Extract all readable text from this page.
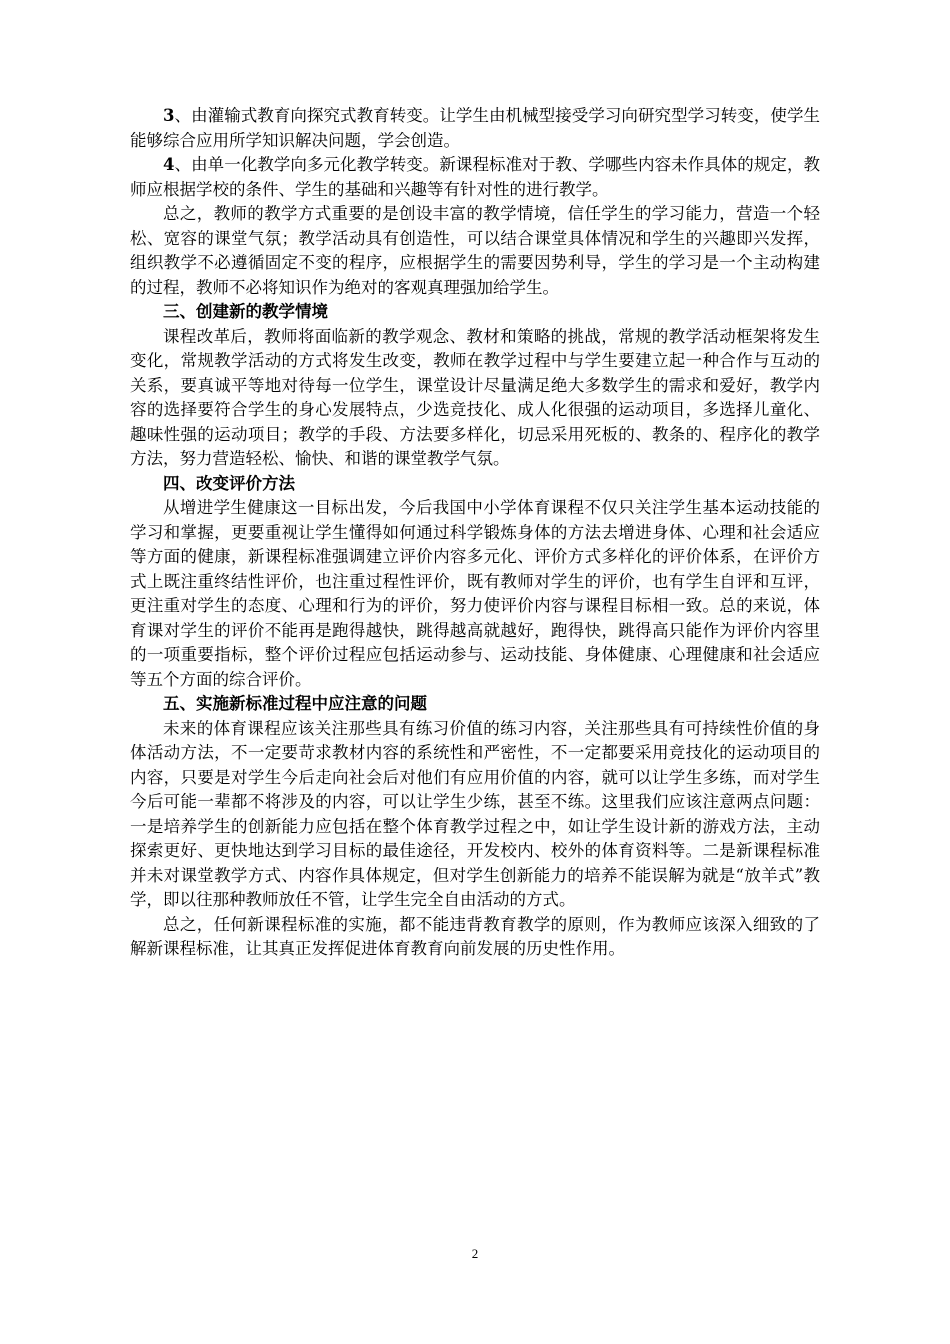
3、由灌输式教育向探究式教育转变。让学生由机械型接受学习向研究型学习转变，使学生能够综合应用所学知识解决问题，学会创造。

4、由单一化教学向多元化教学转变。新课程标准对于教、学哪些内容未作具体的规定，教师应根据学校的条件、学生的基础和兴趣等有针对性的进行教学。

总之，教师的教学方式重要的是创设丰富的教学情境，信任学生的学习能力，营造一个轻松、宽容的课堂气氛；教学活动具有创造性，可以结合课堂具体情况和学生的兴趣即兴发挥，组织教学不必遵循固定不变的程序，应根据学生的需要因势利导，学生的学习是一个主动构建的过程，教师不必将知识作为绝对的客观真理强加给学生。

三、创建新的教学情境

课程改革后，教师将面临新的教学观念、教材和策略的挑战，常规的教学活动框架将发生变化，常规教学活动的方式将发生改变，教师在教学过程中与学生要建立起一种合作与互动的关系，要真诚平等地对待每一位学生，课堂设计尽量满足绝大多数学生的需求和爱好，教学内容的选择要符合学生的身心发展特点，少选竞技化、成人化很强的运动项目，多选择儿童化、趣味性强的运动项目；教学的手段、方法要多样化，切忌采用死板的、教条的、程序化的教学方法，努力营造轻松、愉快、和谐的课堂教学气氛。

四、改变评价方法

从增进学生健康这一目标出发，今后我国中小学体育课程不仅只关注学生基本运动技能的学习和掌握，更要重视让学生懂得如何通过科学锻炼身体的方法去增进身体、心理和社会适应等方面的健康，新课程标准强调建立评价内容多元化、评价方式多样化的评价体系，在评价方式上既注重终结性评价，也注重过程性评价，既有教师对学生的评价，也有学生自评和互评，更注重对学生的态度、心理和行为的评价，努力使评价内容与课程目标相一致。总的来说，体育课对学生的评价不能再是跑得越快，跳得越高就越好，跑得快，跳得高只能作为评价内容里的一项重要指标，整个评价过程应包括运动参与、运动技能、身体健康、心理健康和社会适应等五个方面的综合评价。

五、实施新标准过程中应注意的问题

未来的体育课程应该关注那些具有练习价值的练习内容，关注那些具有可持续性价值的身体活动方法，不一定要苛求教材内容的系统性和严密性，不一定都要采用竞技化的运动项目的内容，只要是对学生今后走向社会后对他们有应用价值的内容，就可以让学生多练，而对学生今后可能一辈都不将涉及的内容，可以让学生少练，甚至不练。这里我们应该注意两点问题：一是培养学生的创新能力应包括在整个体育教学过程之中，如让学生设计新的游戏方法，主动探索更好、更快地达到学习目标的最佳途径，开发校内、校外的体育资料等。二是新课程标准并未对课堂教学方式、内容作具体规定，但对学生创新能力的培养不能误解为就是“放羊式”教学，即以往那种教师放任不管，让学生完全自由活动的方式。

总之，任何新课程标准的实施，都不能违背教育教学的原则，作为教师应该深入细致的了解新课程标准，让其真正发挥促进体育教育向前发展的历史性作用。

2
